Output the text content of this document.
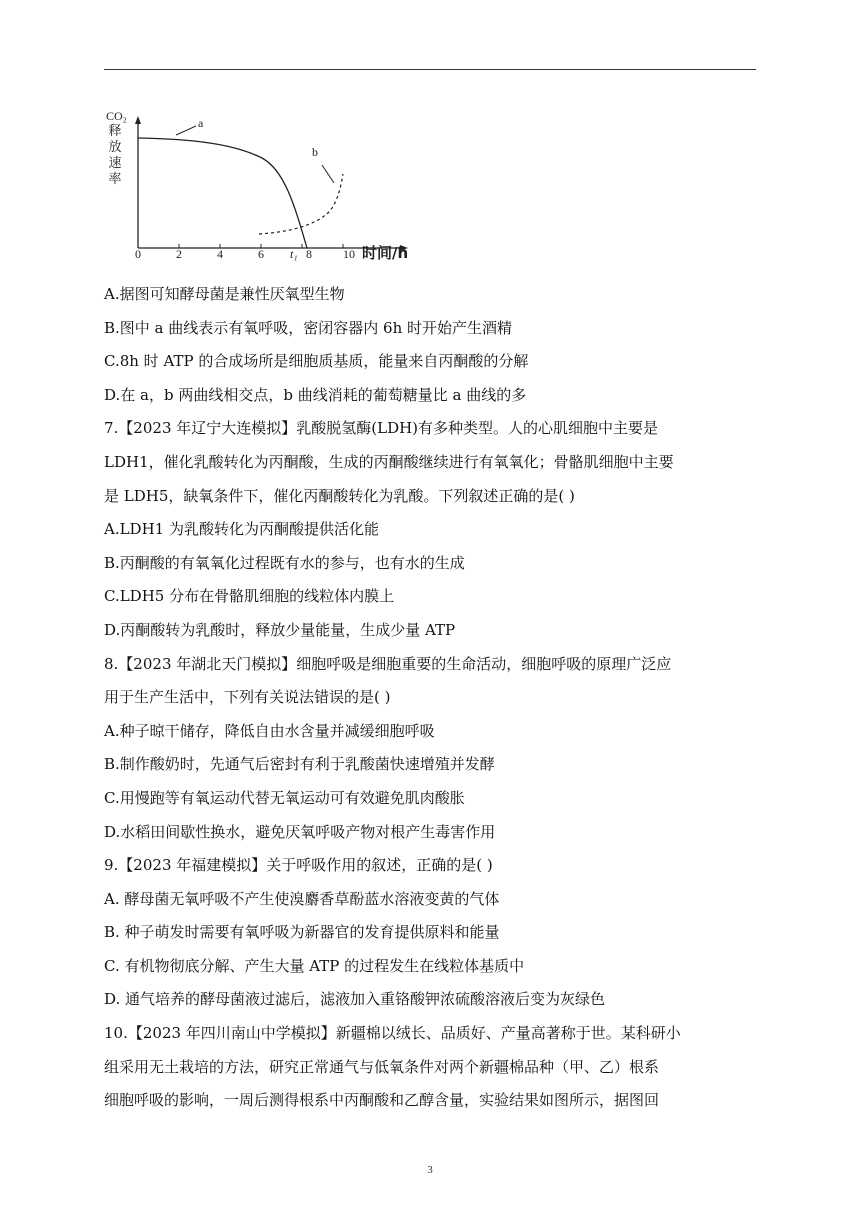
CO₂
释
放
速
率
a
b
0	2	4	6 t₁ 8	10 时间/h
A.据图可知酵母菌是兼性厌氧型生物
B.图中 a 曲线表示有氧呼吸，密闭容器内 6h 时开始产生酒精
C.8h 时 ATP 的合成场所是细胞质基质，能量来自丙酮酸的分解
D.在 a，b 两曲线相交点，b 曲线消耗的葡萄糖量比 a 曲线的多
7.【2023 年辽宁大连模拟】乳酸脱氢酶(LDH)有多种类型。人的心肌细胞中主要是
LDH1，催化乳酸转化为丙酮酸，生成的丙酮酸继续进行有氧氧化；骨骼肌细胞中主要
是 LDH5，缺氧条件下，催化丙酮酸转化为乳酸。下列叙述正确的是( )
A.LDH1 为乳酸转化为丙酮酸提供活化能
B.丙酮酸的有氧氧化过程既有水的参与，也有水的生成
C.LDH5 分布在骨骼肌细胞的线粒体内膜上
D.丙酮酸转为乳酸时，释放少量能量，生成少量 ATP
8.【2023 年湖北天门模拟】细胞呼吸是细胞重要的生命活动，细胞呼吸的原理广泛应
用于生产生活中，下列有关说法错误的是( )
A.种子晾干储存，降低自由水含量并减缓细胞呼吸
B.制作酸奶时，先通气后密封有利于乳酸菌快速增殖并发酵
C.用慢跑等有氧运动代替无氧运动可有效避免肌肉酸胀
D.水稻田间歇性换水，避免厌氧呼吸产物对根产生毒害作用
9.【2023 年福建模拟】关于呼吸作用的叙述，正确的是( )
A. 酵母菌无氧呼吸不产生使溴麝香草酚蓝水溶液变黄的气体
B. 种子萌发时需要有氧呼吸为新器官的发育提供原料和能量
C. 有机物彻底分解、产生大量 ATP 的过程发生在线粒体基质中
D. 通气培养的酵母菌液过滤后，滤液加入重铬酸钾浓硫酸溶液后变为灰绿色
10.【2023 年四川南山中学模拟】新疆棉以绒长、品质好、产量高著称于世。某科研小
组采用无土栽培的方法，研究正常通气与低氧条件对两个新疆棉品种（甲、乙）根系
细胞呼吸的影响，一周后测得根系中丙酮酸和乙醇含量，实验结果如图所示，据图回
3
